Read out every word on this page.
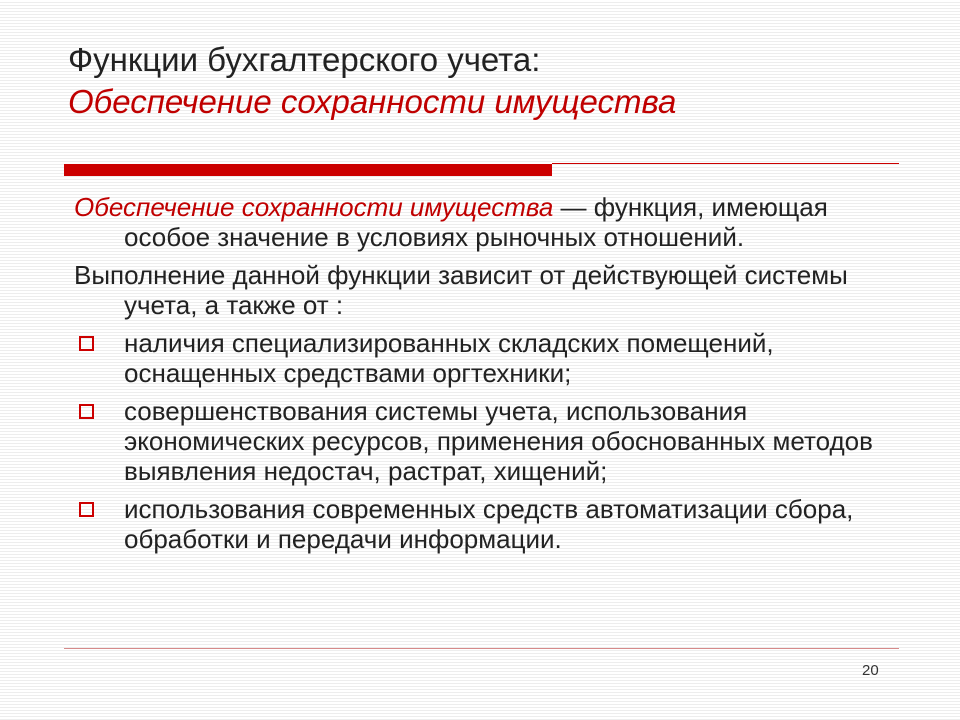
Функции бухгалтерского учета:
Обеспечение сохранности имущества

Обеспечение сохранности имущества — функция, имеющая особое значение в условиях рыночных отношений.

Выполнение данной функции зависит от действующей системы учета, а также от :

наличия специализированных складских помещений, оснащенных средствами оргтехники;
совершенствования системы учета, использования экономических ресурсов, применения обоснованных методов выявления недостач, растрат, хищений;
использования современных средств автоматизации сбора, обработки и передачи информации.
20
